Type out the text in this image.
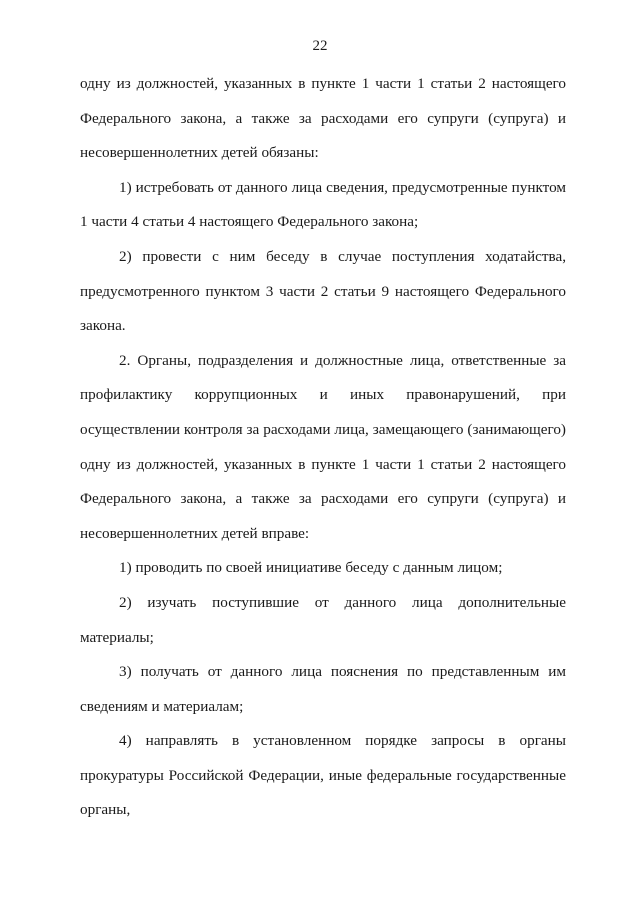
22

одну из должностей, указанных в пункте 1 части 1 статьи 2 настоящего Федерального закона, а также за расходами его супруги (супруга) и несовершеннолетних детей обязаны:

1) истребовать от данного лица сведения, предусмотренные пунктом 1 части 4 статьи 4 настоящего Федерального закона;

2) провести с ним беседу в случае поступления ходатайства, предусмотренного пунктом 3 части 2 статьи 9 настоящего Федерального закона.

2. Органы, подразделения и должностные лица, ответственные за профилактику коррупционных и иных правонарушений, при осуществлении контроля за расходами лица, замещающего (занимающего) одну из должностей, указанных в пункте 1 части 1 статьи 2 настоящего Федерального закона, а также за расходами его супруги (супруга) и несовершеннолетних детей вправе:

1) проводить по своей инициативе беседу с данным лицом;

2) изучать поступившие от данного лица дополнительные материалы;

3) получать от данного лица пояснения по представленным им сведениям и материалам;

4) направлять в установленном порядке запросы в органы прокуратуры Российской Федерации, иные федеральные государственные органы,
